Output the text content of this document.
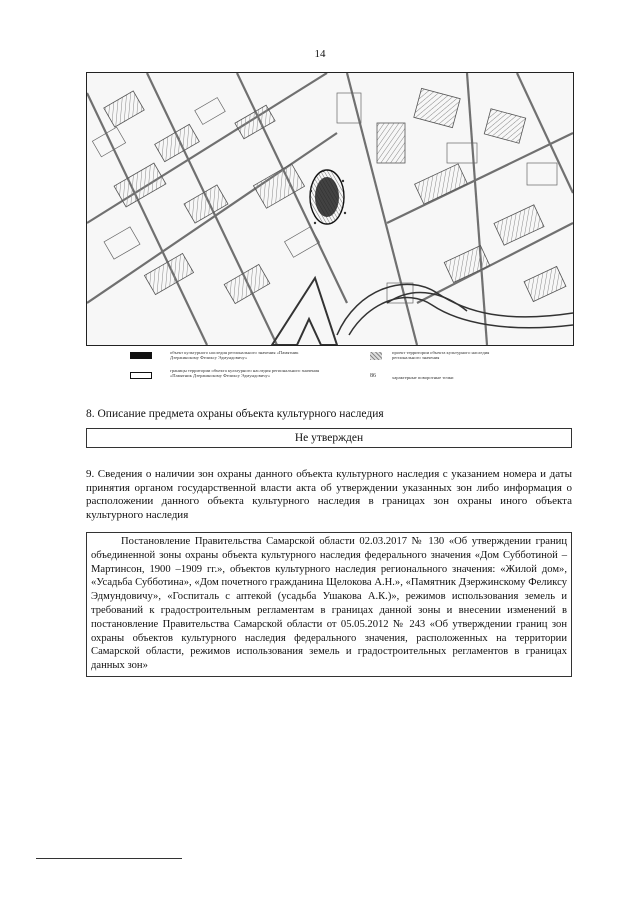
14
объект культурного наследия регионального значения «Памятник Дзержинскому Феликсу Эдмундовичу»
границы территории объекта культурного наследия регионального значения «Памятник Дзержинскому Феликсу Эдмундовичу»
проект территории объекта культурного наследия регионального значения
86	характерные поворотные точки
8. Описание предмета охраны объекта культурного наследия
Не утвержден
9. Сведения о наличии зон охраны данного объекта культурного наследия с указанием номера и даты принятия органом государственной власти акта об утверждении указанных зон либо информация о расположении данного объекта культурного наследия в границах зон охраны иного объекта культурного наследия
Постановление Правительства Самарской области 02.03.2017 № 130 «Об утверждении границ объединенной зоны охраны объекта культурного наследия федерального значения «Дом Субботиной – Мартинсон, 1900 –1909 гг.», объектов культурного наследия регионального значения: «Жилой дом», «Усадьба Субботина», «Дом почетного гражданина Щелокова А.Н.», «Памятник Дзержинскому Феликсу Эдмундовичу», «Госпиталь с аптекой (усадьба Ушакова А.К.)», режимов использования земель и требований к градостроительным регламентам в границах данной зоны и внесении изменений в постановление Правительства Самарской области от 05.05.2012 № 243 «Об утверждении границ зон охраны объектов культурного наследия федерального значения, расположенных на территории Самарской области, режимов использования земель и градостроительных регламентов в границах данных зон»
